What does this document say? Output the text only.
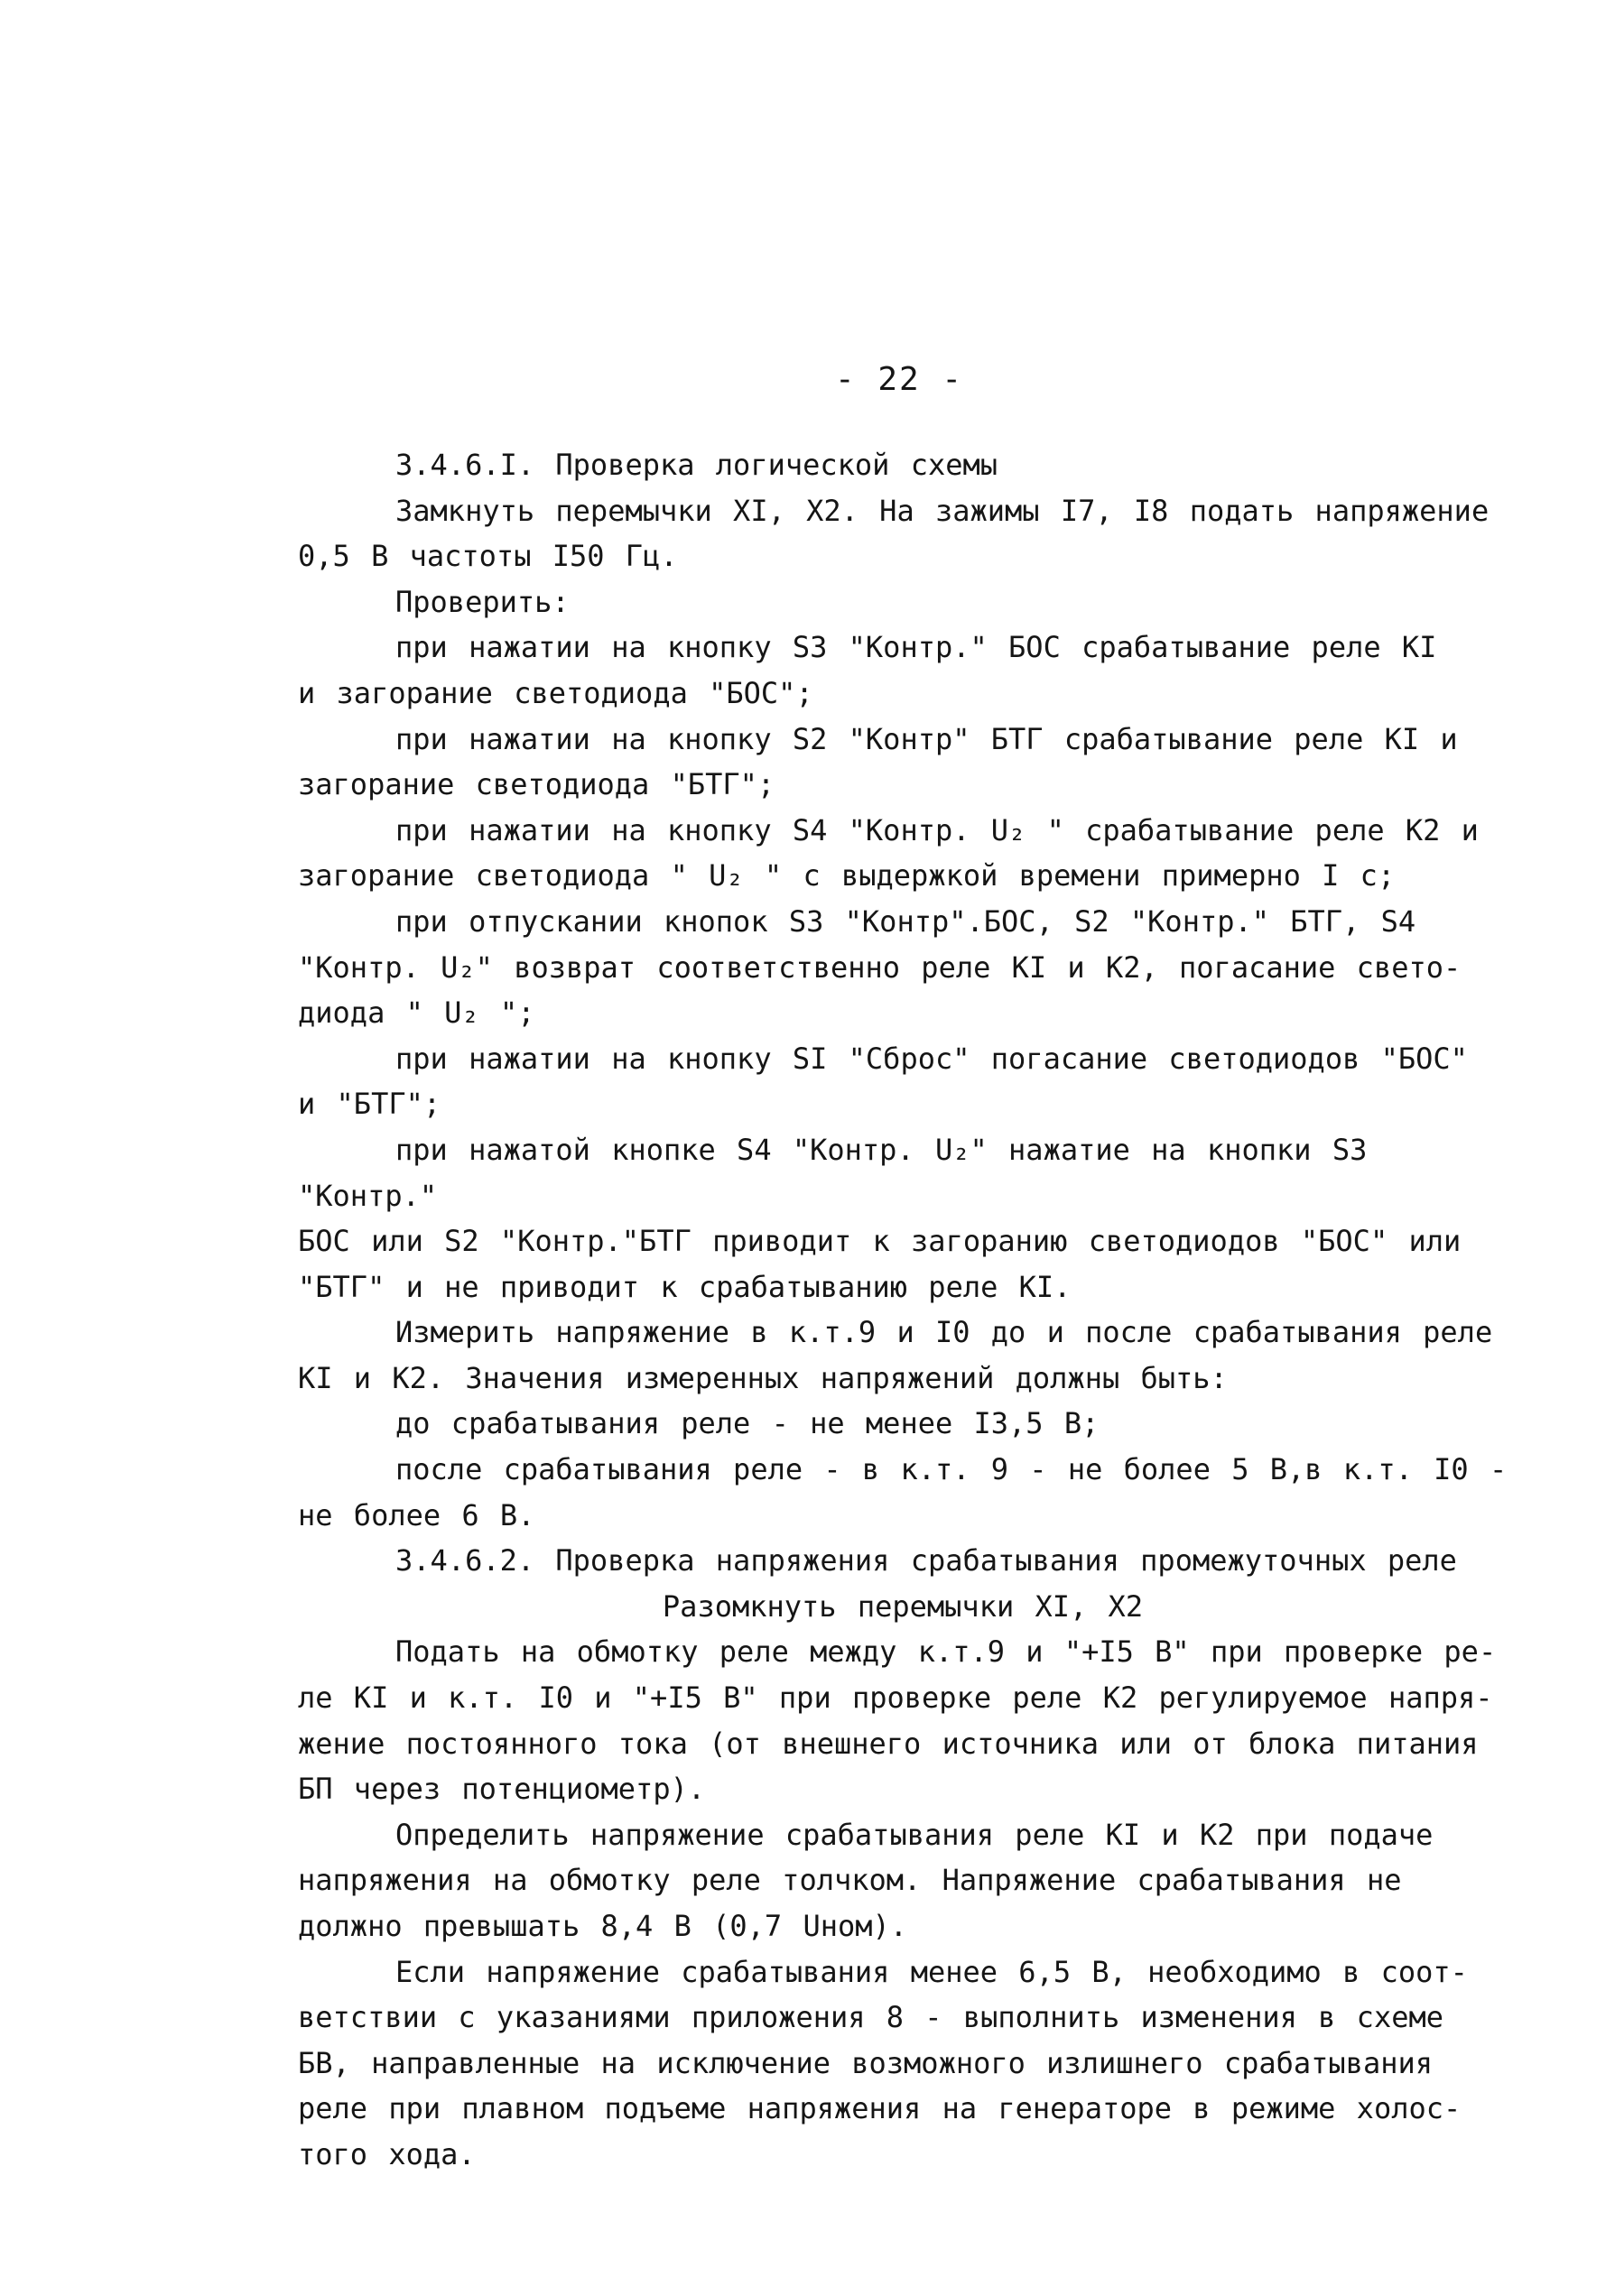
- 22 -

3.4.6.I. Проверка логической схемы

Замкнуть перемычки XI, X2. На зажимы I7, I8 подать напряжение

0,5 В частоты I50 Гц.

Проверить:

при нажатии на кнопку S3 "Контр." БОС срабатывание реле KI

и загорание светодиода "БОС";

при нажатии на кнопку S2 "Контр" БТГ срабатывание реле KI и

загорание светодиода "БТГ";

при нажатии на кнопку S4 "Контр. U₂ " срабатывание реле K2 и

загорание светодиода " U₂ " с выдержкой времени примерно I с;

при отпускании кнопок S3 "Контр".БОС, S2 "Контр." БТГ, S4

"Контр. U₂" возврат соответственно реле KI и K2, погасание свето-

диода " U₂ ";

при нажатии на кнопку SI "Сброс" погасание светодиодов "БОС"

и "БТГ";

при нажатой кнопке S4 "Контр. U₂" нажатие на кнопки S3 "Контр."

БОС или S2 "Контр."БТГ приводит к загоранию светодиодов "БОС" или

"БТГ" и не приводит к срабатыванию реле KI.

Измерить напряжение в к.т.9 и I0 до и после срабатывания реле

KI и K2. Значения измеренных напряжений должны быть:

до срабатывания реле - не менее I3,5 В;

после срабатывания реле - в к.т. 9 - не более 5 В,в к.т. I0 -

не более 6 В.

3.4.6.2. Проверка напряжения срабатывания промежуточных реле

Разомкнуть перемычки XI, X2

Подать на обмотку реле между к.т.9 и "+I5 В" при проверке ре-

ле KI и к.т. I0 и "+I5 В" при проверке реле K2 регулируемое напря-

жение постоянного тока (от внешнего источника или от блока питания

БП через потенциометр).

Определить напряжение срабатывания реле KI и K2 при подаче

напряжения на обмотку реле толчком. Напряжение срабатывания не

должно превышать 8,4 В (0,7 Uном).

Если напряжение срабатывания менее 6,5 В, необходимо в соот-

ветствии с указаниями приложения 8 - выполнить изменения в схеме

БВ, направленные на исключение возможного излишнего срабатывания

реле при плавном подъеме напряжения на генераторе в режиме холос-

того хода.
